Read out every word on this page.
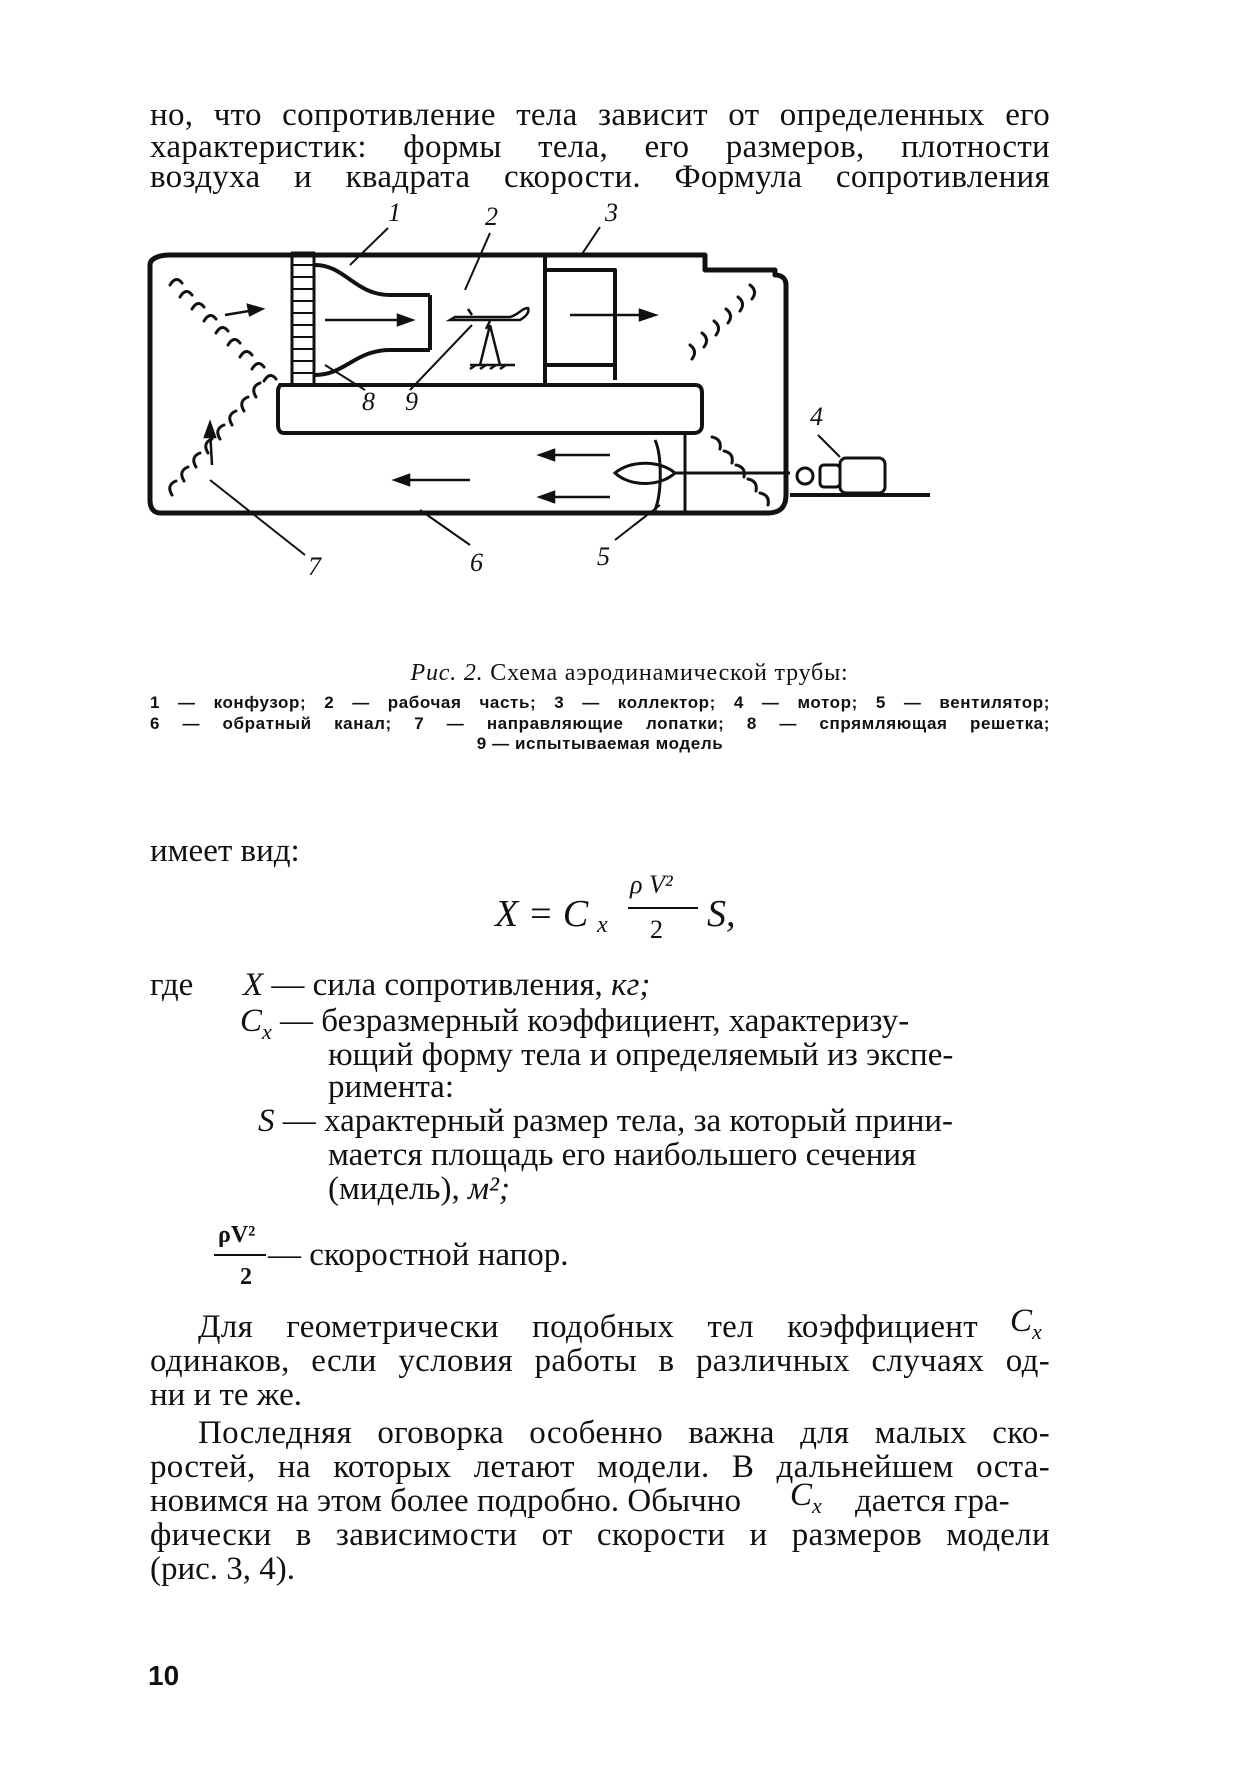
но, что сопротивление тела зависит от определенных его
характеристик: формы тела, его размеров, плотности
воздуха и квадрата скорости. Формула сопротивления
1	2	3
4
5
6
7
8 9
Рис. 2. Схема аэродинамической трубы:
1 — конфузор; 2 — рабочая часть; 3 — коллектор; 4 — мотор; 5 — вентилятор;
6 — обратный канал; 7 — направляющие лопатки; 8 — спрямляющая решетка;
9 — испытываемая модель
имеет вид:
X = C x
ρ V²
2 S,
где X — сила сопротивления, кг;
$C_x$ — безразмерный коэффициент, характеризу-
ющий форму тела и определяемый из экспе-
римента:
S — характерный размер тела, за который прини-
мается площадь его наибольшего сечения
(мидель), м²;
ρV²
2
— скоростной напор.
Для геометрически подобных тел коэффициент $C_x$
одинаков, если условия работы в различных случаях од-
ни и те же.
Последняя оговорка особенно важна для малых ско-
ростей, на которых летают модели. В дальнейшем оста-
новимся на этом более подробно. Обычно $C_x$ дается гра-
фически в зависимости от скорости и размеров модели
(рис. 3, 4).
10
